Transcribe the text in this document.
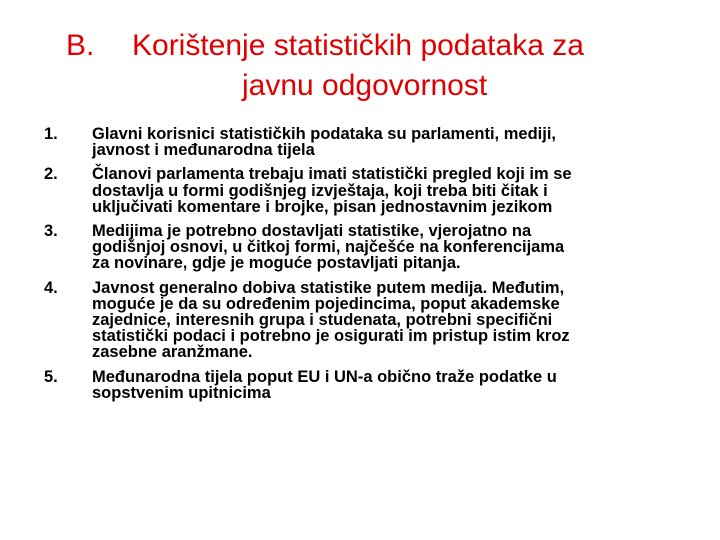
B.	Korištenje statističkih podataka za
javnu odgovornost
1.	Glavni korisnici statističkih podataka su parlamenti, mediji,
javnost i međunarodna tijela
2.	Članovi parlamenta trebaju imati statistički pregled koji im se
dostavlja u formi godišnjeg izvještaja, koji treba biti čitak i
uključivati komentare i brojke, pisan jednostavnim jezikom
3.	Medijima je potrebno dostavljati statistike, vjerojatno na
godišnjoj osnovi, u čitkoj formi, najčešće na konferencijama
za novinare, gdje je moguće postavljati pitanja.
4.	Javnost generalno dobiva statistike putem medija. Međutim,
moguće je da su određenim pojedincima, poput akademske
zajednice, interesnih grupa i studenata, potrebni specifični
statistički podaci i potrebno je osigurati im pristup istim kroz
zasebne aranžmane.
5.	Međunarodna tijela poput EU i UN-a obično traže podatke u
sopstvenim upitnicima
